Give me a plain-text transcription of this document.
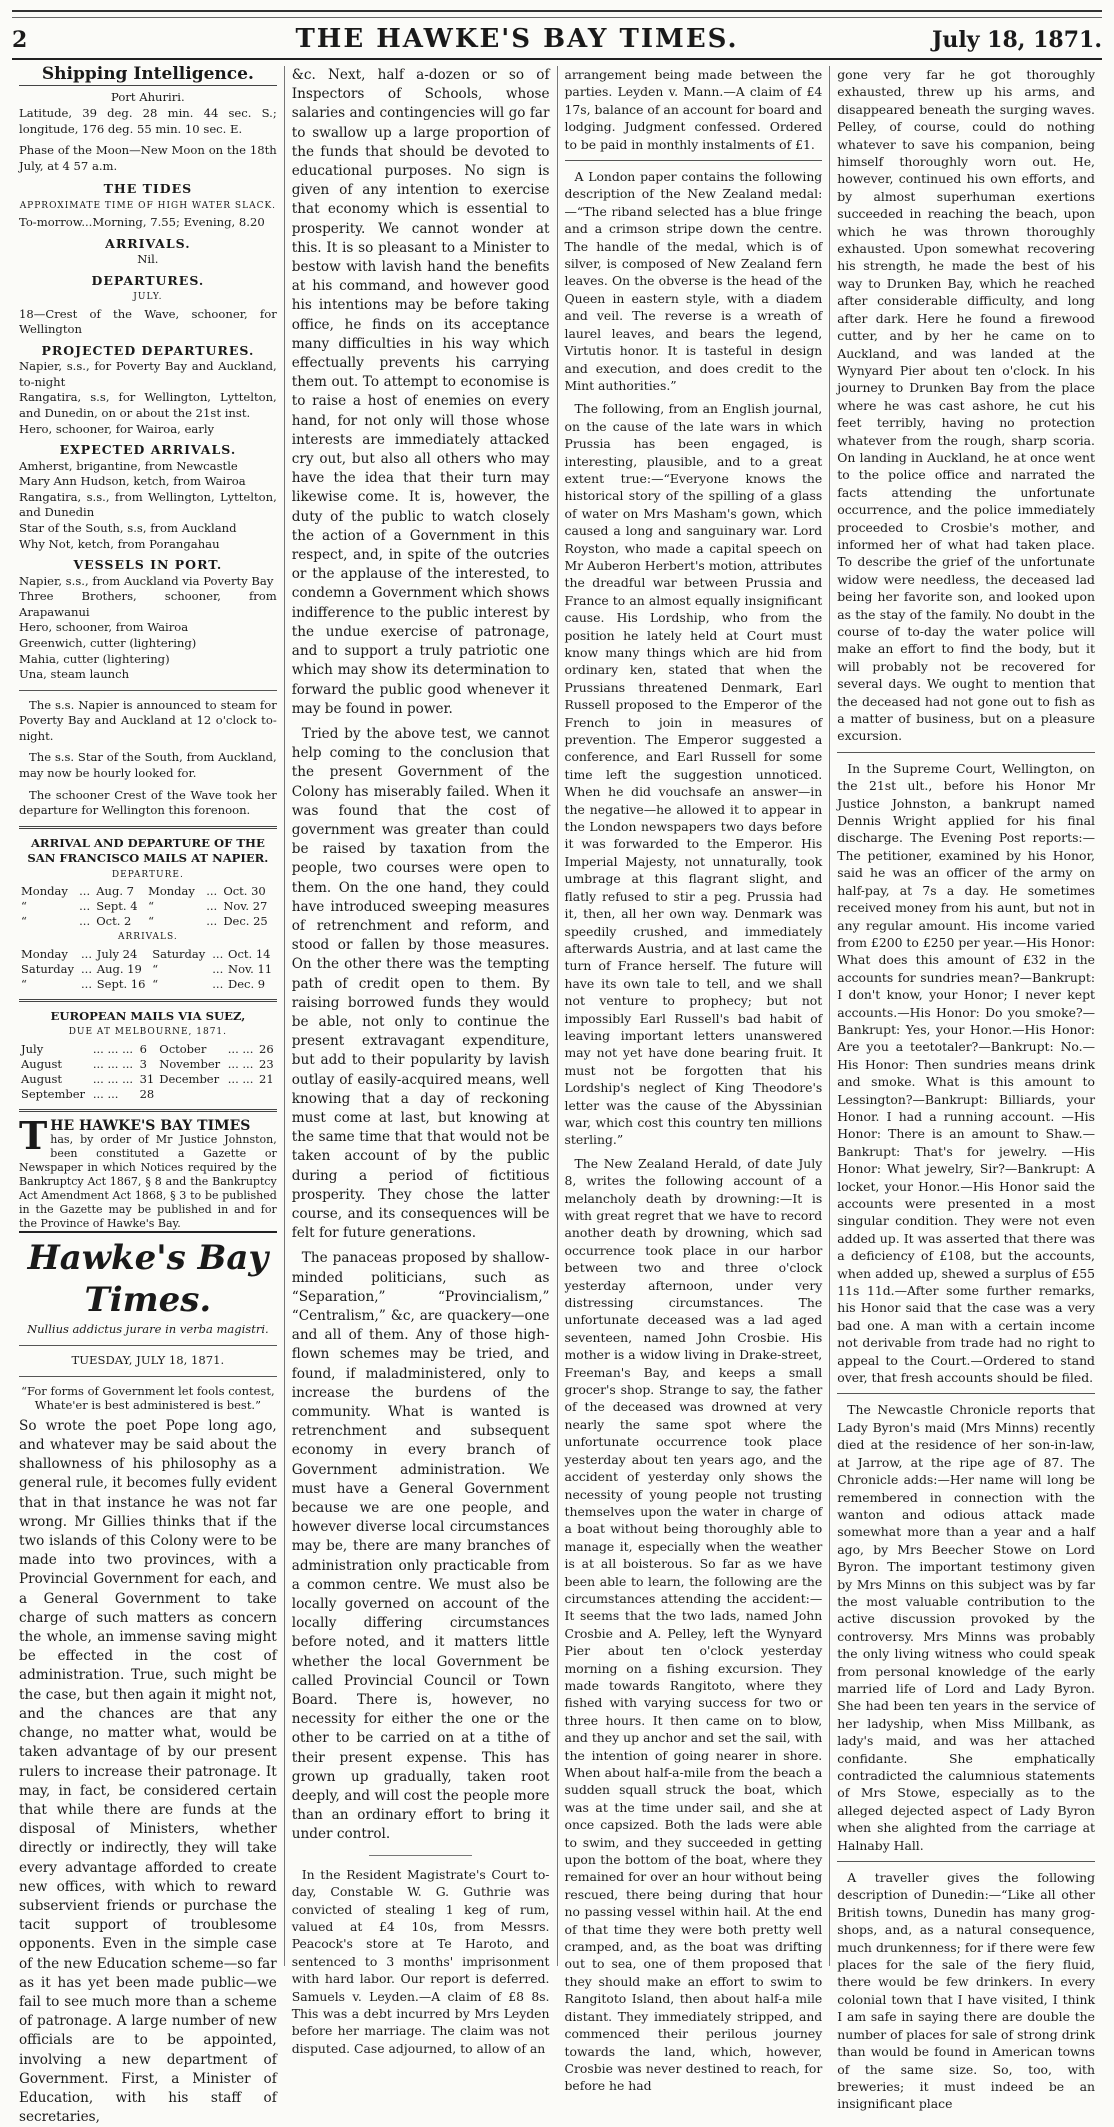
2	THE HAWKE'S BAY TIMES.	July 18, 1871.
Shipping Intelligence.
Port Ahuriri.

Latitude, 39 deg. 28 min. 44 sec. S.; longitude, 176 deg. 55 min. 10 sec. E.

Phase of the Moon—New Moon on the 18th July, at 4 57 a.m.

THE TIDES
APPROXIMATE TIME OF HIGH WATER SLACK.
To-morrow...Morning, 7.55; Evening, 8.20
ARRIVALS.
Nil.
DEPARTURES.
JULY.
18—Crest of the Wave, schooner, for Wellington
PROJECTED DEPARTURES.
Napier, s.s., for Poverty Bay and Auckland, to-night
Rangatira, s.s, for Wellington, Lyttelton, and Dunedin, on or about the 21st inst.
Hero, schooner, for Wairoa, early
EXPECTED ARRIVALS.
Amherst, brigantine, from Newcastle
Mary Ann Hudson, ketch, from Wairoa
Rangatira, s.s., from Wellington, Lyttelton, and Dunedin
Star of the South, s.s, from Auckland
Why Not, ketch, from Porangahau
VESSELS IN PORT.
Napier, s.s., from Auckland via Poverty Bay
Three Brothers, schooner, from Arapawanui
Hero, schooner, from Wairoa
Greenwich, cutter (lightering)
Mahia, cutter (lightering)
Una, steam launch

The s.s. Napier is announced to steam for Poverty Bay and Auckland at 12 o'clock to-night.

The s.s. Star of the South, from Auckland, may now be hourly looked for.

The schooner Crest of the Wave took her departure for Wellington this forenoon.

ARRIVAL AND DEPARTURE OF THE SAN FRANCISCO MAILS AT NAPIER.
DEPARTURE.
Monday	...	Aug. 7	Monday	...	Oct. 30
“	...	Sept. 4	“	...	Nov. 27
“	...	Oct. 2	“	...	Dec. 25
ARRIVALS.
Monday	...	July 24	Saturday	...	Oct. 14
Saturday	...	Aug. 19	“	...	Nov. 11
“	...	Sept. 16	“	...	Dec. 9
EUROPEAN MAILS VIA SUEZ,
DUE AT MELBOURNE, 1871.
July	... ... ...	6	October	... ...	26
August	... ... ...	3	November	... ...	23
August	... ... ...	31	December	... ...	21
September	... ...	28			
T HE HAWKE'S BAY TIMES
has, by order of Mr Justice Johnston, been constituted a Gazette or Newspaper in which Notices required by the Bankruptcy Act 1867, § 8 and the Bankruptcy Act Amendment Act 1868, § 3 to be published in the Gazette may be published in and for the Province of Hawke's Bay.
Hawke's Bay Times.
Nullius addictus jurare in verba magistri.
TUESDAY, JULY 18, 1871.
“For forms of Government let fools contest,
Whate'er is best administered is best.”

So wrote the poet Pope long ago, and whatever may be said about the shallowness of his philosophy as a general rule, it becomes fully evident that in that instance he was not far wrong. Mr Gillies thinks that if the two islands of this Colony were to be made into two provinces, with a Provincial Government for each, and a General Government to take charge of such matters as concern the whole, an immense saving might be effected in the cost of administration. True, such might be the case, but then again it might not, and the chances are that any change, no matter what, would be taken advantage of by our present rulers to increase their patronage. It may, in fact, be considered certain that while there are funds at the disposal of Ministers, whether directly or indirectly, they will take every advantage afforded to create new offices, with which to reward subservient friends or purchase the tacit support of troublesome opponents. Even in the simple case of the new Education scheme—so far as it has yet been made public—we fail to see much more than a scheme of patronage. A large number of new officials are to be appointed, involving a new department of Government. First, a Minister of Education, with his staff of secretaries,

&c. Next, half a-dozen or so of Inspectors of Schools, whose salaries and contingencies will go far to swallow up a large proportion of the funds that should be devoted to educational purposes. No sign is given of any intention to exercise that economy which is essential to prosperity. We cannot wonder at this. It is so pleasant to a Minister to bestow with lavish hand the benefits at his command, and however good his intentions may be before taking office, he finds on its acceptance many difficulties in his way which effectually prevents his carrying them out. To attempt to economise is to raise a host of enemies on every hand, for not only will those whose interests are immediately attacked cry out, but also all others who may have the idea that their turn may likewise come. It is, however, the duty of the public to watch closely the action of a Government in this respect, and, in spite of the outcries or the applause of the interested, to condemn a Government which shows indifference to the public interest by the undue exercise of patronage, and to support a truly patriotic one which may show its determination to forward the public good whenever it may be found in power.

Tried by the above test, we cannot help coming to the conclusion that the present Government of the Colony has miserably failed. When it was found that the cost of government was greater than could be raised by taxation from the people, two courses were open to them. On the one hand, they could have introduced sweeping measures of retrenchment and reform, and stood or fallen by those measures. On the other there was the tempting path of credit open to them. By raising borrowed funds they would be able, not only to continue the present extravagant expenditure, but add to their popularity by lavish outlay of easily-acquired means, well knowing that a day of reckoning must come at last, but knowing at the same time that that would not be taken account of by the public during a period of fictitious prosperity. They chose the latter course, and its consequences will be felt for future generations.

The panaceas proposed by shallow-minded politicians, such as “Separation,” “Provincialism,” “Centralism,” &c, are quackery—one and all of them. Any of those high-flown schemes may be tried, and found, if maladministered, only to increase the burdens of the community. What is wanted is retrenchment and subsequent economy in every branch of Government administration. We must have a General Government because we are one people, and however diverse local circumstances may be, there are many branches of administration only practicable from a common centre. We must also be locally governed on account of the locally differing circumstances before noted, and it matters little whether the local Government be called Provincial Council or Town Board. There is, however, no necessity for either the one or the other to be carried on at a tithe of their present expense. This has grown up gradually, taken root deeply, and will cost the people more than an ordinary effort to bring it under control.

In the Resident Magistrate's Court to-day, Constable W. G. Guthrie was convicted of stealing 1 keg of rum, valued at £4 10s, from Messrs. Peacock's store at Te Haroto, and sentenced to 3 months' imprisonment with hard labor. Our report is deferred. Samuels v. Leyden.—A claim of £8 8s. This was a debt incurred by Mrs Leyden before her marriage. The claim was not disputed. Case adjourned, to allow of an

arrangement being made between the parties. Leyden v. Mann.—A claim of £4 17s, balance of an account for board and lodging. Judgment confessed. Ordered to be paid in monthly instalments of £1.

A London paper contains the following description of the New Zealand medal:—“The riband selected has a blue fringe and a crimson stripe down the centre. The handle of the medal, which is of silver, is composed of New Zealand fern leaves. On the obverse is the head of the Queen in eastern style, with a diadem and veil. The reverse is a wreath of laurel leaves, and bears the legend, Virtutis honor. It is tasteful in design and execution, and does credit to the Mint authorities.”

The following, from an English journal, on the cause of the late wars in which Prussia has been engaged, is interesting, plausible, and to a great extent true:—“Everyone knows the historical story of the spilling of a glass of water on Mrs Masham's gown, which caused a long and sanguinary war. Lord Royston, who made a capital speech on Mr Auberon Herbert's motion, attributes the dreadful war between Prussia and France to an almost equally insignificant cause. His Lordship, who from the position he lately held at Court must know many things which are hid from ordinary ken, stated that when the Prussians threatened Denmark, Earl Russell proposed to the Emperor of the French to join in measures of prevention. The Emperor suggested a conference, and Earl Russell for some time left the suggestion unnoticed. When he did vouchsafe an answer—in the negative—he allowed it to appear in the London newspapers two days before it was forwarded to the Emperor. His Imperial Majesty, not unnaturally, took umbrage at this flagrant slight, and flatly refused to stir a peg. Prussia had it, then, all her own way. Denmark was speedily crushed, and immediately afterwards Austria, and at last came the turn of France herself. The future will have its own tale to tell, and we shall not venture to prophecy; but not impossibly Earl Russell's bad habit of leaving important letters unanswered may not yet have done bearing fruit. It must not be forgotten that his Lordship's neglect of King Theodore's letter was the cause of the Abyssinian war, which cost this country ten millions sterling.”

The New Zealand Herald, of date July 8, writes the following account of a melancholy death by drowning:—It is with great regret that we have to record another death by drowning, which sad occurrence took place in our harbor between two and three o'clock yesterday afternoon, under very distressing circumstances. The unfortunate deceased was a lad aged seventeen, named John Crosbie. His mother is a widow living in Drake-street, Freeman's Bay, and keeps a small grocer's shop. Strange to say, the father of the deceased was drowned at very nearly the same spot where the unfortunate occurrence took place yesterday about ten years ago, and the accident of yesterday only shows the necessity of young people not trusting themselves upon the water in charge of a boat without being thoroughly able to manage it, especially when the weather is at all boisterous. So far as we have been able to learn, the following are the circumstances attending the accident:—It seems that the two lads, named John Crosbie and A. Pelley, left the Wynyard Pier about ten o'clock yesterday morning on a fishing excursion. They made towards Rangitoto, where they fished with varying success for two or three hours. It then came on to blow, and they up anchor and set the sail, with the intention of going nearer in shore. When about half-a-mile from the beach a sudden squall struck the boat, which was at the time under sail, and she at once capsized. Both the lads were able to swim, and they succeeded in getting upon the bottom of the boat, where they remained for over an hour without being rescued, there being during that hour no passing vessel within hail. At the end of that time they were both pretty well cramped, and, as the boat was drifting out to sea, one of them proposed that they should make an effort to swim to Rangitoto Island, then about half-a mile distant. They immediately stripped, and commenced their perilous journey towards the land, which, however, Crosbie was never destined to reach, for before he had

gone very far he got thoroughly exhausted, threw up his arms, and disappeared beneath the surging waves. Pelley, of course, could do nothing whatever to save his companion, being himself thoroughly worn out. He, however, continued his own efforts, and by almost superhuman exertions succeeded in reaching the beach, upon which he was thrown thoroughly exhausted. Upon somewhat recovering his strength, he made the best of his way to Drunken Bay, which he reached after considerable difficulty, and long after dark. Here he found a firewood cutter, and by her he came on to Auckland, and was landed at the Wynyard Pier about ten o'clock. In his journey to Drunken Bay from the place where he was cast ashore, he cut his feet terribly, having no protection whatever from the rough, sharp scoria. On landing in Auckland, he at once went to the police office and narrated the facts attending the unfortunate occurrence, and the police immediately proceeded to Crosbie's mother, and informed her of what had taken place. To describe the grief of the unfortunate widow were needless, the deceased lad being her favorite son, and looked upon as the stay of the family. No doubt in the course of to-day the water police will make an effort to find the body, but it will probably not be recovered for several days. We ought to mention that the deceased had not gone out to fish as a matter of business, but on a pleasure excursion.

In the Supreme Court, Wellington, on the 21st ult., before his Honor Mr Justice Johnston, a bankrupt named Dennis Wright applied for his final discharge. The Evening Post reports:—The petitioner, examined by his Honor, said he was an officer of the army on half-pay, at 7s a day. He sometimes received money from his aunt, but not in any regular amount. His income varied from £200 to £250 per year.—His Honor: What does this amount of £32 in the accounts for sundries mean?—Bankrupt: I don't know, your Honor; I never kept accounts.—His Honor: Do you smoke?—Bankrupt: Yes, your Honor.—His Honor: Are you a teetotaler?—Bankrupt: No.—His Honor: Then sundries means drink and smoke. What is this amount to Lessington?—Bankrupt: Billiards, your Honor. I had a running account. —His Honor: There is an amount to Shaw.—Bankrupt: That's for jewelry. —His Honor: What jewelry, Sir?—Bankrupt: A locket, your Honor.—His Honor said the accounts were presented in a most singular condition. They were not even added up. It was asserted that there was a deficiency of £108, but the accounts, when added up, shewed a surplus of £55 11s 11d.—After some further remarks, his Honor said that the case was a very bad one. A man with a certain income not derivable from trade had no right to appeal to the Court.—Ordered to stand over, that fresh accounts should be filed.

The Newcastle Chronicle reports that Lady Byron's maid (Mrs Minns) recently died at the residence of her son-in-law, at Jarrow, at the ripe age of 87. The Chronicle adds:—Her name will long be remembered in connection with the wanton and odious attack made somewhat more than a year and a half ago, by Mrs Beecher Stowe on Lord Byron. The important testimony given by Mrs Minns on this subject was by far the most valuable contribution to the active discussion provoked by the controversy. Mrs Minns was probably the only living witness who could speak from personal knowledge of the early married life of Lord and Lady Byron. She had been ten years in the service of her ladyship, when Miss Millbank, as lady's maid, and was her attached confidante. She emphatically contradicted the calumnious statements of Mrs Stowe, especially as to the alleged dejected aspect of Lady Byron when she alighted from the carriage at Halnaby Hall.

A traveller gives the following description of Dunedin:—“Like all other British towns, Dunedin has many grog-shops, and, as a natural consequence, much drunkenness; for if there were few places for the sale of the fiery fluid, there would be few drinkers. In every colonial town that I have visited, I think I am safe in saying there are double the number of places for sale of strong drink than would be found in American towns of the same size. So, too, with breweries; it must indeed be an insignificant place
